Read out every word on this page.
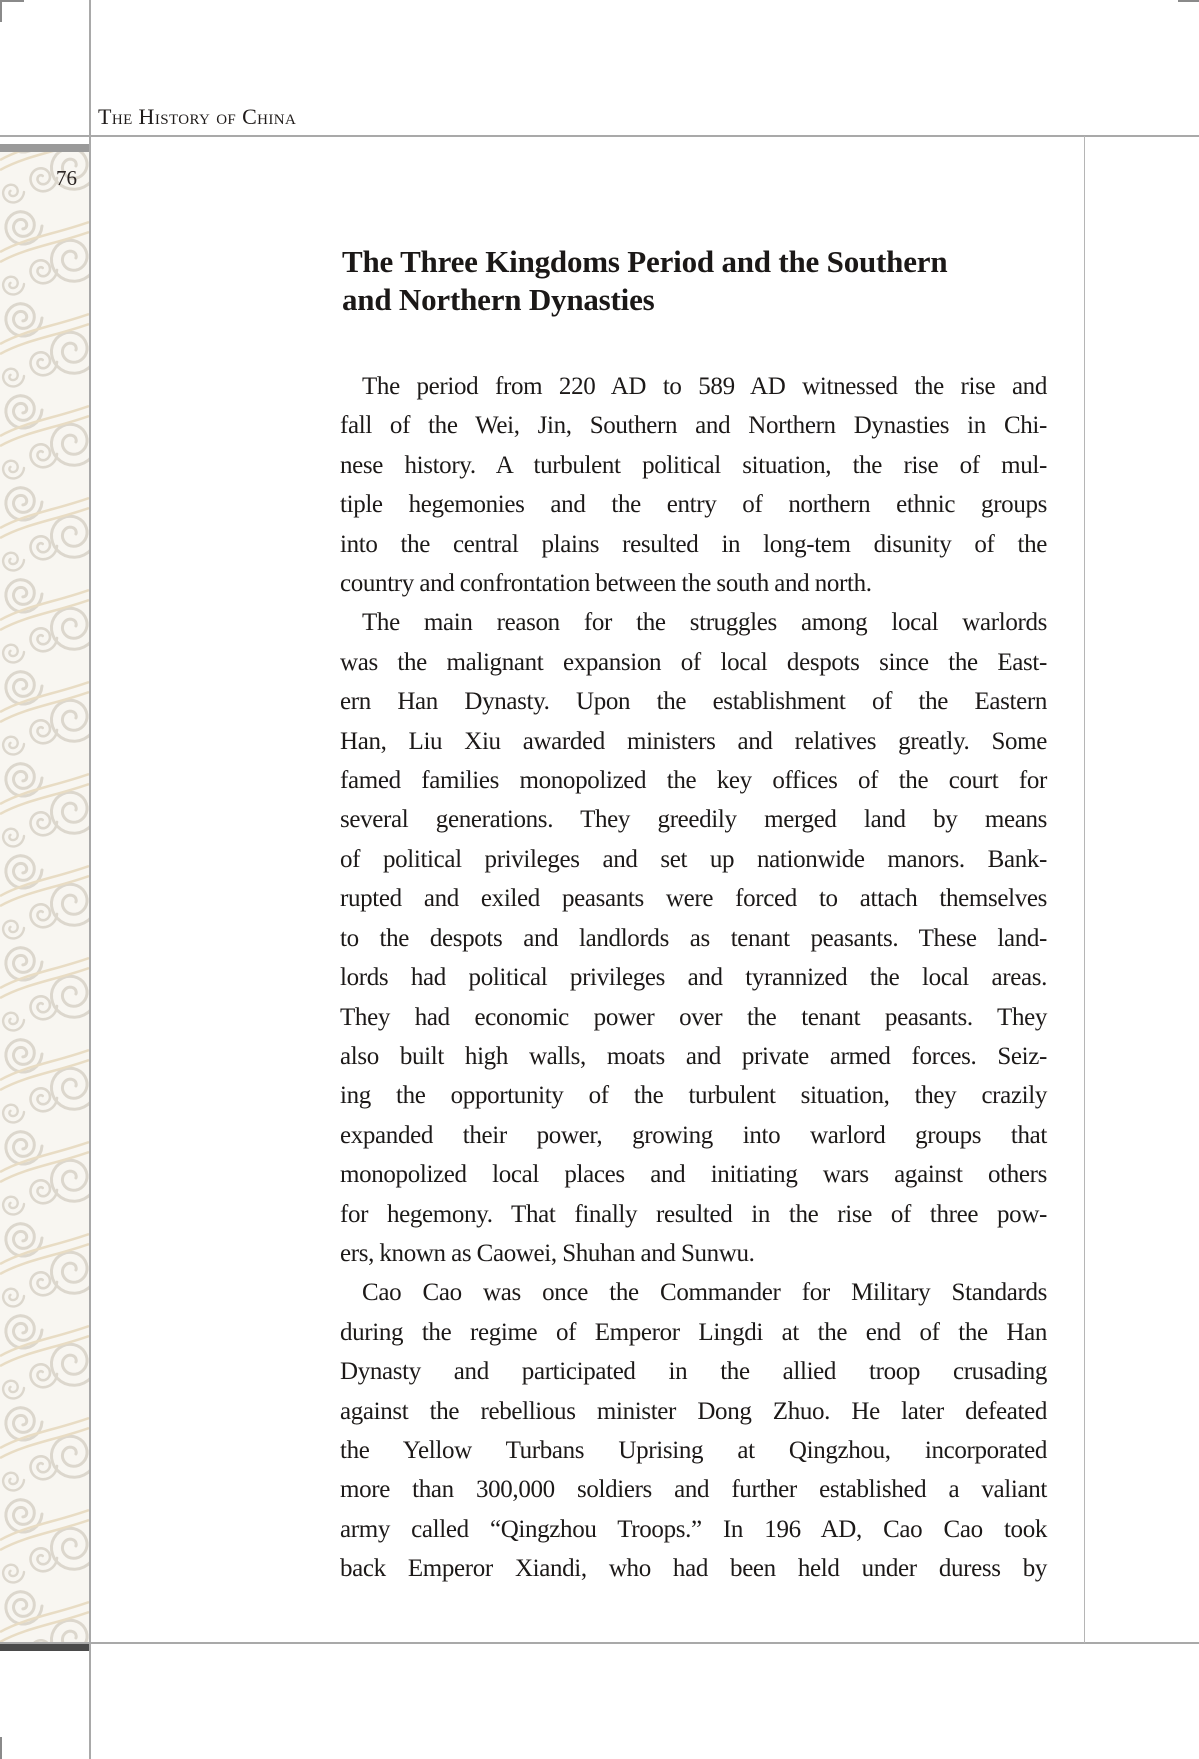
The History of China
76
The Three Kingdoms Period and the Southern
and Northern Dynasties

The period from 220 AD to 589 AD witnessed the rise and
fall of the Wei, Jin, Southern and Northern Dynasties in Chi-
nese history. A turbulent political situation, the rise of mul-
tiple hegemonies and the entry of northern ethnic groups
into the central plains resulted in long-tem disunity of the
country and confrontation between the south and north.

The main reason for the struggles among local warlords
was the malignant expansion of local despots since the East-
ern Han Dynasty. Upon the establishment of the Eastern
Han, Liu Xiu awarded ministers and relatives greatly. Some
famed families monopolized the key offices of the court for
several generations. They greedily merged land by means
of political privileges and set up nationwide manors. Bank-
rupted and exiled peasants were forced to attach themselves
to the despots and landlords as tenant peasants. These land-
lords had political privileges and tyrannized the local areas.
They had economic power over the tenant peasants. They
also built high walls, moats and private armed forces. Seiz-
ing the opportunity of the turbulent situation, they crazily
expanded their power, growing into warlord groups that
monopolized local places and initiating wars against others
for hegemony. That finally resulted in the rise of three pow-
ers, known as Caowei, Shuhan and Sunwu.

Cao Cao was once the Commander for Military Standards
during the regime of Emperor Lingdi at the end of the Han
Dynasty and participated in the allied troop crusading
against the rebellious minister Dong Zhuo. He later defeated
the Yellow Turbans Uprising at Qingzhou, incorporated
more than 300,000 soldiers and further established a valiant
army called “Qingzhou Troops.” In 196 AD, Cao Cao took
back Emperor Xiandi, who had been held under duress by
